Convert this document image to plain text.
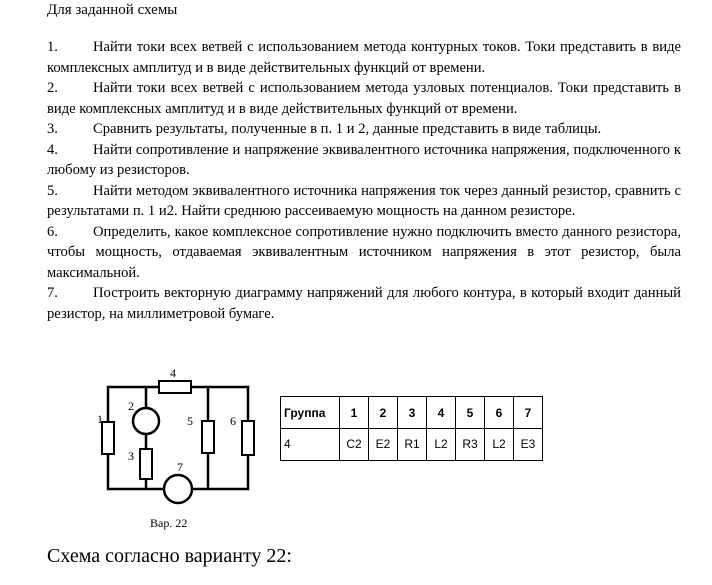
Для заданной схемы
1. Найти токи всех ветвей с использованием метода контурных токов. Токи представить в виде комплексных амплитуд и в виде действительных функций от времени.
2. Найти токи всех ветвей с использованием метода узловых потенциалов. Токи представить в виде комплексных амплитуд и в виде действительных функций от времени.
3. Сравнить результаты, полученные в п. 1 и 2, данные представить в виде таблицы.
4. Найти сопротивление и напряжение эквивалентного источника напряжения, подключенного к любому из резисторов.
5. Найти методом эквивалентного источника напряжения ток через данный резистор, сравнить с результатами п. 1 и2. Найти среднюю рассеиваемую мощность на данном резисторе.
6. Определить, какое комплексное сопротивление нужно подключить вместо данного резистора, чтобы мощность, отдаваемая эквивалентным источником напряжения в этот резистор, была максимальной.
7. Построить векторную диаграмму напряжений для любого контура, в который входит данный резистор, на миллиметровой бумаге.
4
1
2
3
5	6
7
Вар. 22
Группа	1	2	3	4	5	6	7
4	C2	E2	R1	L2	R3	L2	E3
Схема согласно варианту 22:
